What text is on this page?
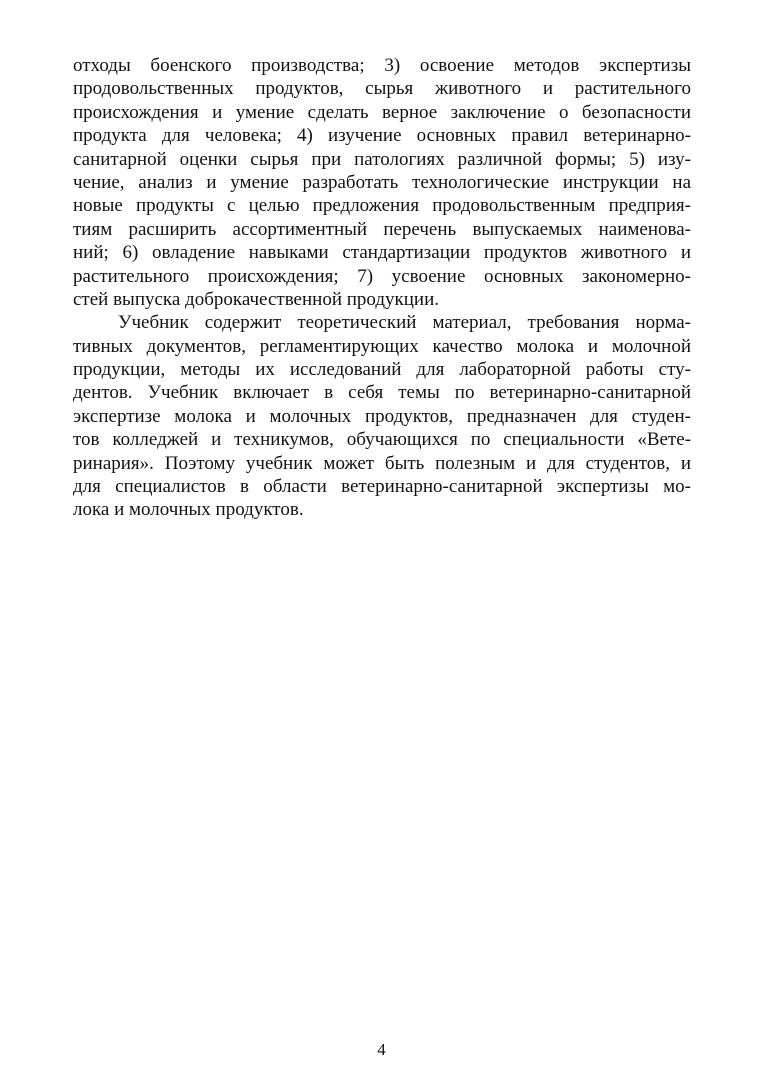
отходы боенского производства; 3) освоение методов экспертизы
продовольственных продуктов, сырья животного и растительного
происхождения и умение сделать верное заключение о безопасности
продукта для человека; 4) изучение основных правил ветеринарно-
санитарной оценки сырья при патологиях различной формы; 5) изу-
чение, анализ и умение разработать технологические инструкции на
новые продукты с целью предложения продовольственным предприя-
тиям расширить ассортиментный перечень выпускаемых наименова-
ний; 6) овладение навыками стандартизации продуктов животного и
растительного происхождения; 7) усвоение основных закономерно-
стей выпуска доброкачественной продукции.
Учебник содержит теоретический материал, требования норма-
тивных документов, регламентирующих качество молока и молочной
продукции, методы их исследований для лабораторной работы сту-
дентов. Учебник включает в себя темы по ветеринарно-санитарной
экспертизе молока и молочных продуктов, предназначен для студен-
тов колледжей и техникумов, обучающихся по специальности «Вете-
ринария». Поэтому учебник может быть полезным и для студентов, и
для специалистов в области ветеринарно-санитарной экспертизы мо-
лока и молочных продуктов.
4
